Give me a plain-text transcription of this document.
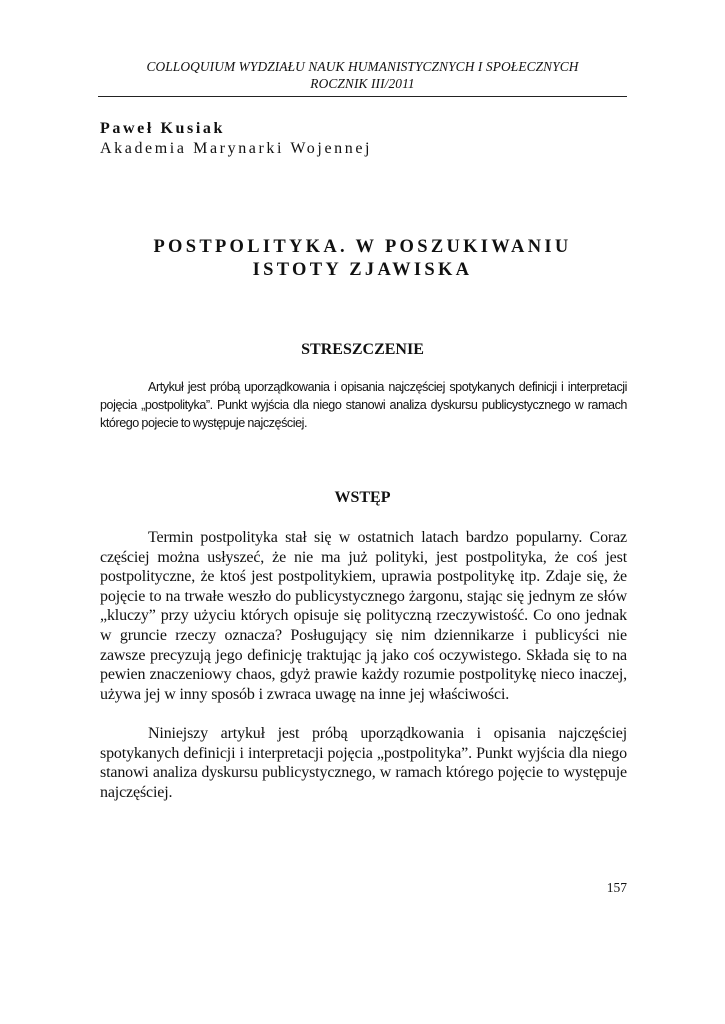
COLLOQUIUM WYDZIAŁU NAUK HUMANISTYCZNYCH I SPOŁECZNYCH
ROCZNIK III/2011
Paweł Kusiak
Akademia Marynarki Wojennej
POSTPOLITYKA. W POSZUKIWANIU
ISTOTY ZJAWISKA
STRESZCZENIE

Artykuł jest próbą uporządkowania i opisania najczęściej spotykanych definicji i interpretacji pojęcia „postpolityka”. Punkt wyjścia dla niego stanowi analiza dyskursu publicystycznego w ramach którego pojecie to występuje najczęściej.

WSTĘP

Termin postpolityka stał się w ostatnich latach bardzo popularny. Coraz częściej można usłyszeć, że nie ma już polityki, jest postpolityka, że coś jest postpolityczne, że ktoś jest postpolitykiem, uprawia postpolitykę itp. Zdaje się, że pojęcie to na trwałe weszło do publicystycznego żargonu, stając się jednym ze słów „kluczy” przy użyciu których opisuje się polityczną rzeczywistość. Co ono jednak w gruncie rzeczy oznacza? Posługujący się nim dziennikarze i publicyści nie zawsze precyzują jego definicję traktując ją jako coś oczywistego. Składa się to na pewien znaczeniowy chaos, gdyż prawie każdy rozumie postpolitykę nieco inaczej, używa jej w inny sposób i zwraca uwagę na inne jej właściwości.

Niniejszy artykuł jest próbą uporządkowania i opisania najczęściej spotykanych definicji i interpretacji pojęcia „postpolityka”. Punkt wyjścia dla niego stanowi analiza dyskursu publicystycznego, w ramach którego pojęcie to występuje najczęściej.

157
